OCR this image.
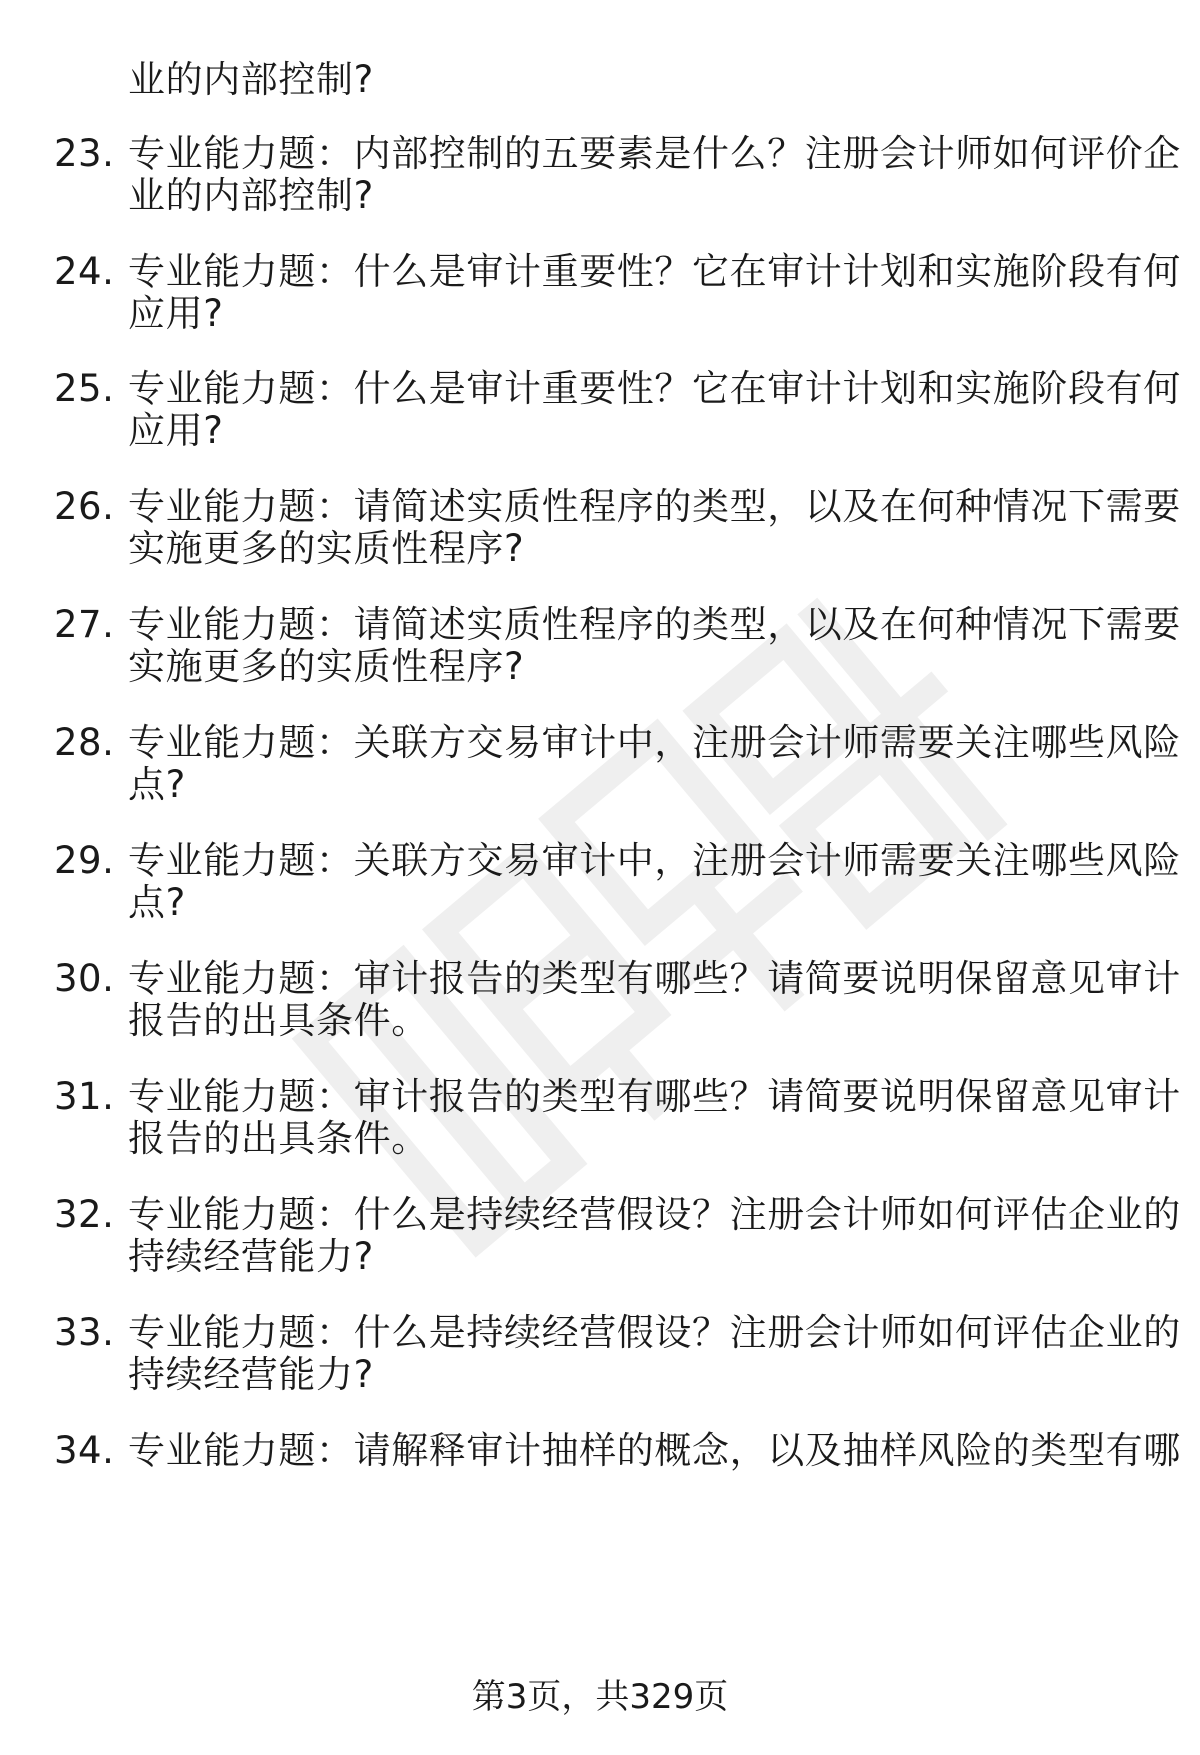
业的内部控制?
23. 专业能力题：内部控制的五要素是什么？注册会计师如何评价企
业的内部控制?
24. 专业能力题：什么是审计重要性？它在审计计划和实施阶段有何
应用?
25. 专业能力题：什么是审计重要性？它在审计计划和实施阶段有何
应用?
26. 专业能力题：请简述实质性程序的类型，以及在何种情况下需要
实施更多的实质性程序?
27. 专业能力题：请简述实质性程序的类型，以及在何种情况下需要
实施更多的实质性程序?
28. 专业能力题：关联方交易审计中，注册会计师需要关注哪些风险
点?
29. 专业能力题：关联方交易审计中，注册会计师需要关注哪些风险
点?
30. 专业能力题：审计报告的类型有哪些？请简要说明保留意见审计
报告的出具条件。
31. 专业能力题：审计报告的类型有哪些？请简要说明保留意见审计
报告的出具条件。
32. 专业能力题：什么是持续经营假设？注册会计师如何评估企业的
持续经营能力?
33. 专业能力题：什么是持续经营假设？注册会计师如何评估企业的
持续经营能力?
34. 专业能力题：请解释审计抽样的概念，以及抽样风险的类型有哪
第3页，共329页
